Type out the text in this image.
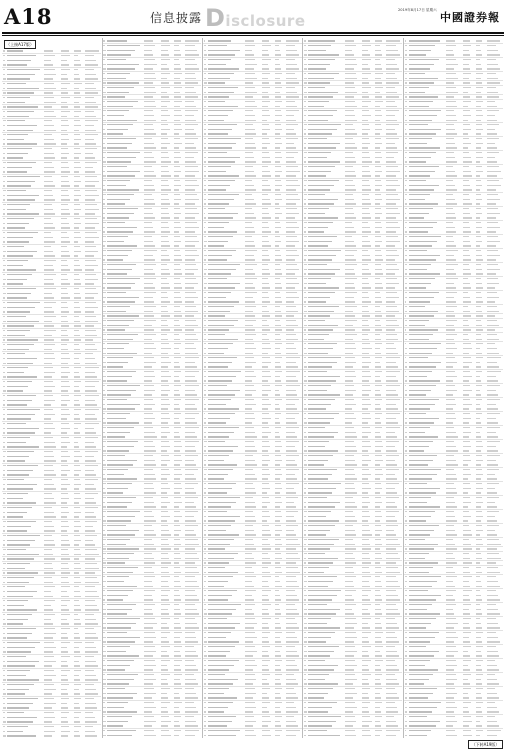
A18	信息披露 Disclosure
2019年8月17日 星期六
中國證券報
（上接A17版）
（下转A19版）
